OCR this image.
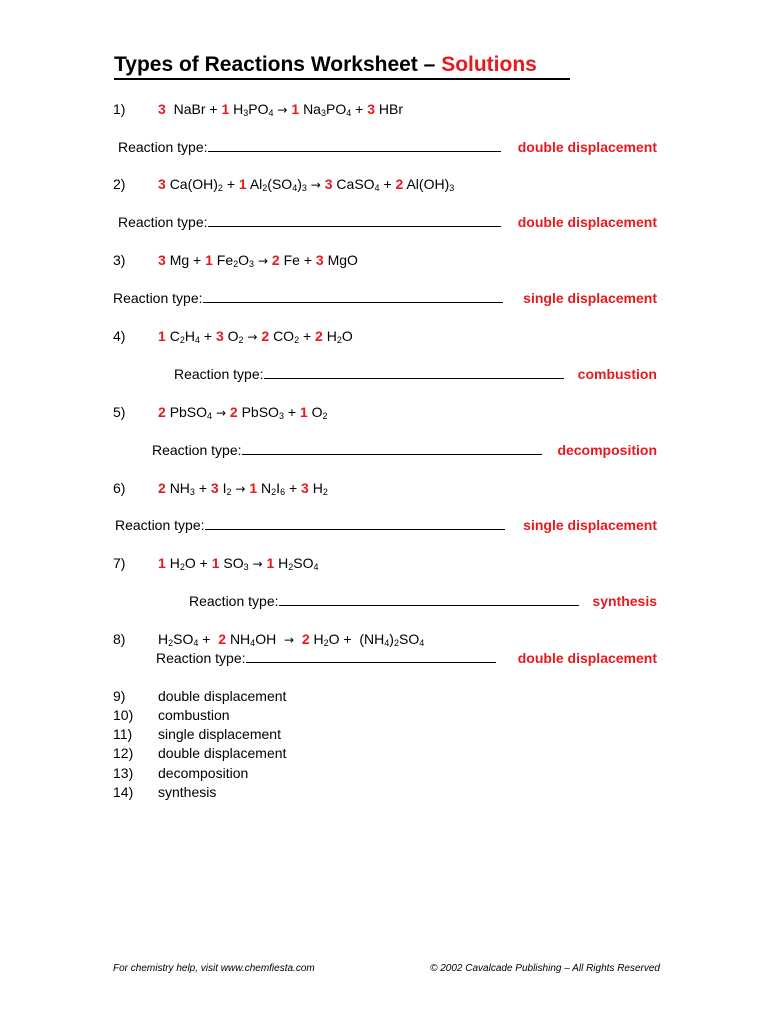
Types of Reactions Worksheet – Solutions
1) 3 NaBr + 1 $H_3PO_4 \to 1$ $Na_3PO_4 + 3$ HBr
Reaction type:	double displacement
2) 3 $Ca(OH)_2 + 1$ $Al_2(SO_4)_3 \to 3$ CaSO$_4$ + 2 $Al(OH)_3$
Reaction type:	double displacement
3) 3 Mg + 1 $Fe_2O_3 \to 2$ Fe + 3 MgO
Reaction type:	single displacement
4) 1 $C_2H_4 + 3$ $O_2 \to 2$ $CO_2 + 2$ $H_2O$
Reaction type:	combustion
5) 2 PbSO$_4$ → 2 PbSO$_3$ + 1 $O_2$
Reaction type:	decomposition
6) 2 $NH_3 + 3$ $I_2 \to 1$ $N_2I_6 + 3$ $H_2$
Reaction type:	single displacement
7) 1 $H_2O + 1$ $SO_3 \to 1$ $H_2SO_4$
Reaction type:	synthesis
8) $H_2SO_4 + 2$ $NH_4OH \to 2$ $H_2O + (NH_4)_2SO_4$
Reaction type:	double displacement
9) double displacement
10) combustion
11) single displacement
12) double displacement
13) decomposition
14) synthesis
For chemistry help, visit www.chemfiesta.com	© 2002 Cavalcade Publishing – All Rights Reserved
